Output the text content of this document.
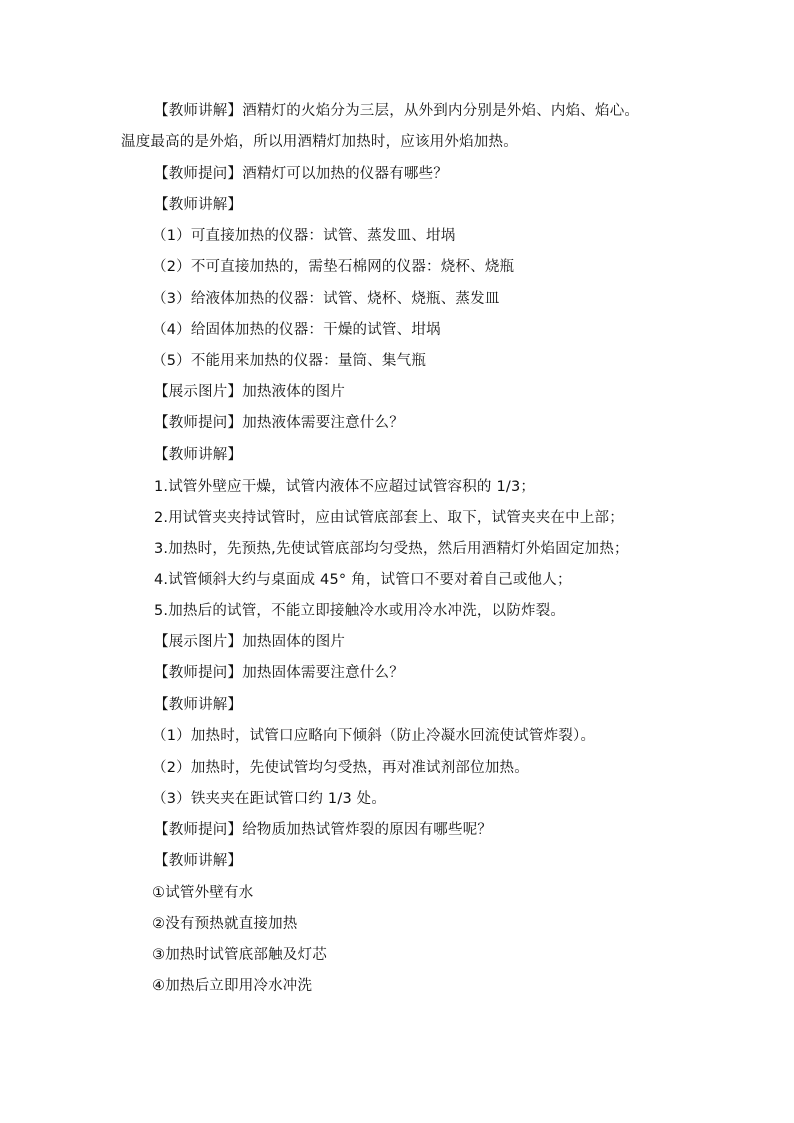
【教师讲解】酒精灯的火焰分为三层，从外到内分别是外焰、内焰、焰心。
温度最高的是外焰，所以用酒精灯加热时，应该用外焰加热。
【教师提问】酒精灯可以加热的仪器有哪些？
【教师讲解】
（1）可直接加热的仪器：试管、蒸发皿、坩埚
（2）不可直接加热的，需垫石棉网的仪器：烧杯、烧瓶
（3）给液体加热的仪器：试管、烧杯、烧瓶、蒸发皿
（4）给固体加热的仪器：干燥的试管、坩埚
（5）不能用来加热的仪器：量筒、集气瓶
【展示图片】加热液体的图片
【教师提问】加热液体需要注意什么？
【教师讲解】
1.试管外壁应干燥，试管内液体不应超过试管容积的 1/3；
2.用试管夹夹持试管时，应由试管底部套上、取下，试管夹夹在中上部；
3.加热时，先预热,先使试管底部均匀受热，然后用酒精灯外焰固定加热；
4.试管倾斜大约与桌面成 45° 角，试管口不要对着自己或他人；
5.加热后的试管，不能立即接触冷水或用冷水冲洗，以防炸裂。
【展示图片】加热固体的图片
【教师提问】加热固体需要注意什么？
【教师讲解】
（1）加热时，试管口应略向下倾斜（防止冷凝水回流使试管炸裂）。
（2）加热时，先使试管均匀受热，再对准试剂部位加热。
（3）铁夹夹在距试管口约 1/3 处。
【教师提问】给物质加热试管炸裂的原因有哪些呢？
【教师讲解】
①试管外壁有水
②没有预热就直接加热
③加热时试管底部触及灯芯
④加热后立即用冷水冲洗
